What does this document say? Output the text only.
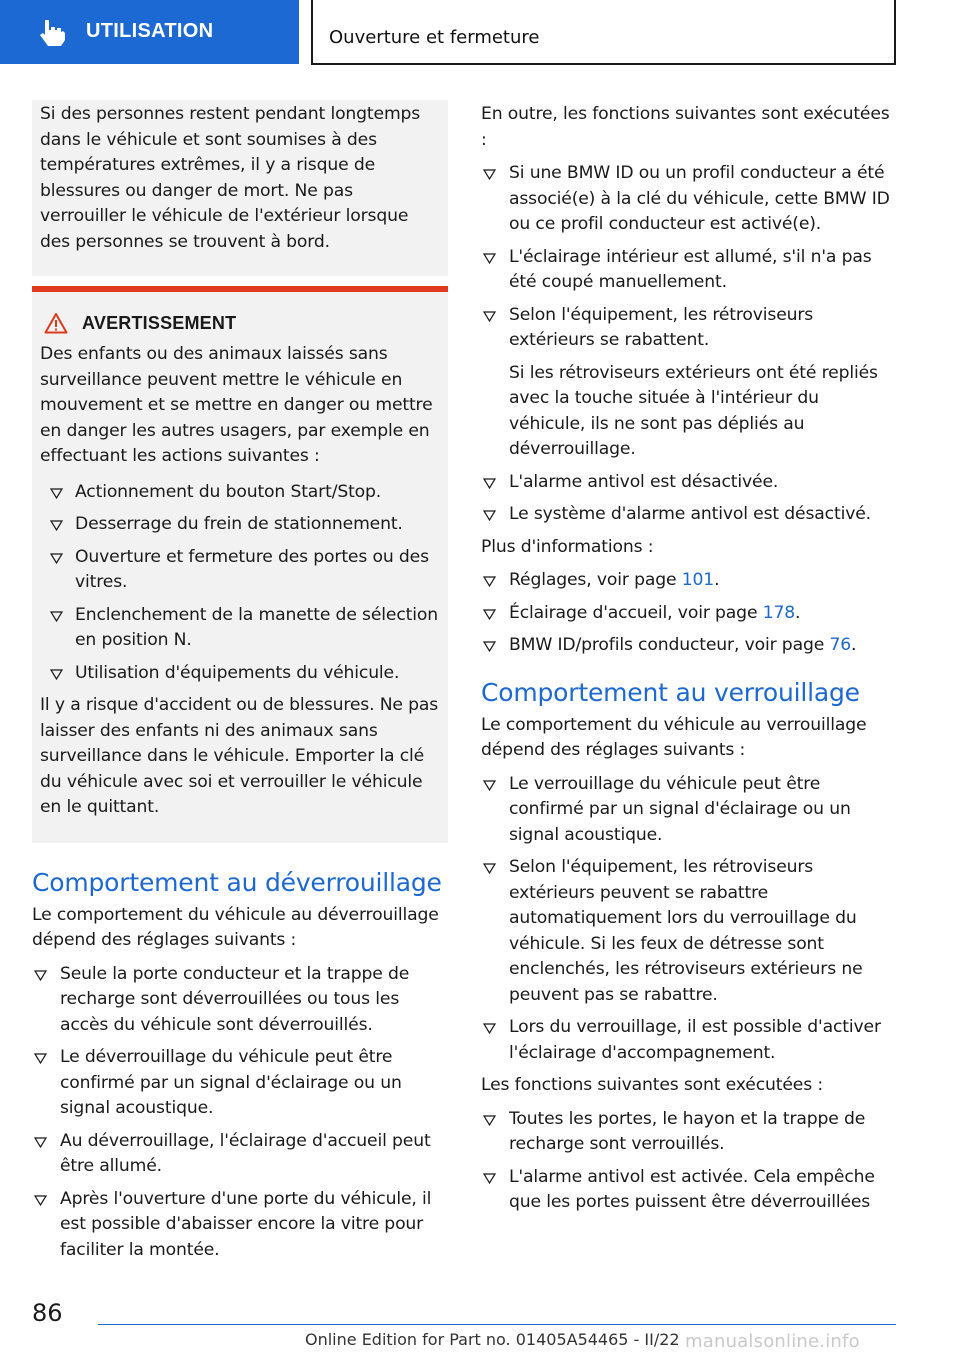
UTILISATION	Ouverture et fermeture

Si des personnes restent pendant longtemps dans le véhicule et sont soumises à des températures extrêmes, il y a risque de blessures ou danger de mort. Ne pas verrouiller le véhicule de l'extérieur lorsque des personnes se trouvent à bord.

AVERTISSEMENT

Des enfants ou des animaux laissés sans surveillance peuvent mettre le véhicule en mouvement et se mettre en danger ou mettre en danger les autres usagers, par exemple en effectuant les actions suivantes :

Actionnement du bouton Start/Stop.
Desserrage du frein de stationnement.
Ouverture et fermeture des portes ou des vitres.
Enclenchement de la manette de sélection en position N.
Utilisation d'équipements du véhicule.

Il y a risque d'accident ou de blessures. Ne pas laisser des enfants ni des animaux sans surveillance dans le véhicule. Emporter la clé du véhicule avec soi et verrouiller le véhicule en le quittant.

Comportement au déverrouillage

Le comportement du véhicule au déverrouillage dépend des réglages suivants :

Seule la porte conducteur et la trappe de recharge sont déverrouillées ou tous les accès du véhicule sont déverrouillés.
Le déverrouillage du véhicule peut être confirmé par un signal d'éclairage ou un signal acoustique.
Au déverrouillage, l'éclairage d'accueil peut être allumé.
Après l'ouverture d'une porte du véhicule, il est possible d'abaisser encore la vitre pour faciliter la montée.

En outre, les fonctions suivantes sont exécutées :

Si une BMW ID ou un profil conducteur a été associé(e) à la clé du véhicule, cette BMW ID ou ce profil conducteur est activé(e).
L'éclairage intérieur est allumé, s'il n'a pas été coupé manuellement.
Selon l'équipement, les rétroviseurs extérieurs se rabattent.

Si les rétroviseurs extérieurs ont été repliés avec la touche située à l'intérieur du véhicule, ils ne sont pas dépliés au déverrouillage.

L'alarme antivol est désactivée.
Le système d'alarme antivol est désactivé.

Plus d'informations :

Réglages, voir page 101.
Éclairage d'accueil, voir page 178.
BMW ID/profils conducteur, voir page 76.
Comportement au verrouillage

Le comportement du véhicule au verrouillage dépend des réglages suivants :

Le verrouillage du véhicule peut être confirmé par un signal d'éclairage ou un signal acoustique.
Selon l'équipement, les rétroviseurs extérieurs peuvent se rabattre automatiquement lors du verrouillage du véhicule. Si les feux de détresse sont enclenchés, les rétroviseurs extérieurs ne peuvent pas se rabattre.
Lors du verrouillage, il est possible d'activer l'éclairage d'accompagnement.

Les fonctions suivantes sont exécutées :

Toutes les portes, le hayon et la trappe de recharge sont verrouillés.
L'alarme antivol est activée. Cela empêche que les portes puissent être déverrouillées
86
Online Edition for Part no. 01405A54465 - II/22 manualsonline.info
